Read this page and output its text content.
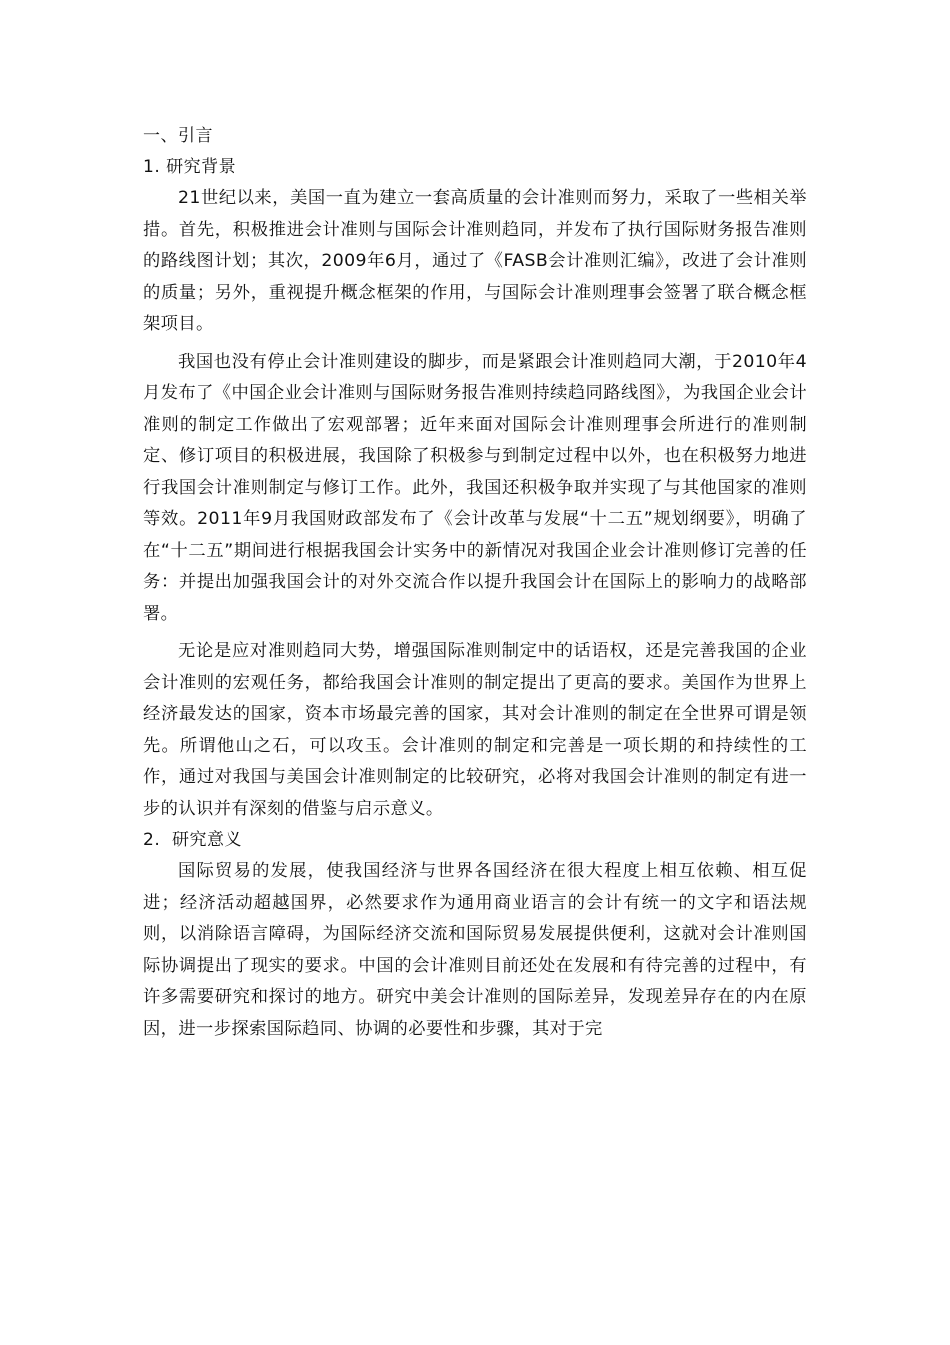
一、引言
1. 研究背景

21世纪以来，美国一直为建立一套高质量的会计准则而努力，采取了一些相关举措。首先，积极推进会计准则与国际会计准则趋同，并发布了执行国际财务报告准则的路线图计划；其次，2009年6月，通过了《FASB会计准则汇编》，改进了会计准则的质量；另外，重视提升概念框架的作用，与国际会计准则理事会签署了联合概念框架项目。

我国也没有停止会计准则建设的脚步，而是紧跟会计准则趋同大潮，于2010年4月发布了《中国企业会计准则与国际财务报告准则持续趋同路线图》，为我国企业会计准则的制定工作做出了宏观部署；近年来面对国际会计准则理事会所进行的准则制定、修订项目的积极进展，我国除了积极参与到制定过程中以外，也在积极努力地进行我国会计准则制定与修订工作。此外，我国还积极争取并实现了与其他国家的准则等效。2011年9月我国财政部发布了《会计改革与发展“十二五”规划纲要》，明确了在“十二五”期间进行根据我国会计实务中的新情况对我国企业会计准则修订完善的任务：并提出加强我国会计的对外交流合作以提升我国会计在国际上的影响力的战略部署。

无论是应对准则趋同大势，增强国际准则制定中的话语权，还是完善我国的企业会计准则的宏观任务，都给我国会计准则的制定提出了更高的要求。美国作为世界上经济最发达的国家，资本市场最完善的国家，其对会计准则的制定在全世界可谓是领先。所谓他山之石，可以攻玉。会计准则的制定和完善是一项长期的和持续性的工作，通过对我国与美国会计准则制定的比较研究，必将对我国会计准则的制定有进一步的认识并有深刻的借鉴与启示意义。

2.  研究意义

国际贸易的发展，使我国经济与世界各国经济在很大程度上相互依赖、相互促进；经济活动超越国界，必然要求作为通用商业语言的会计有统一的文字和语法规则，以消除语言障碍，为国际经济交流和国际贸易发展提供便利，这就对会计准则国际协调提出了现实的要求。中国的会计准则目前还处在发展和有待完善的过程中，有许多需要研究和探讨的地方。研究中美会计准则的国际差异，发现差异存在的内在原因，进一步探索国际趋同、协调的必要性和步骤，其对于完
